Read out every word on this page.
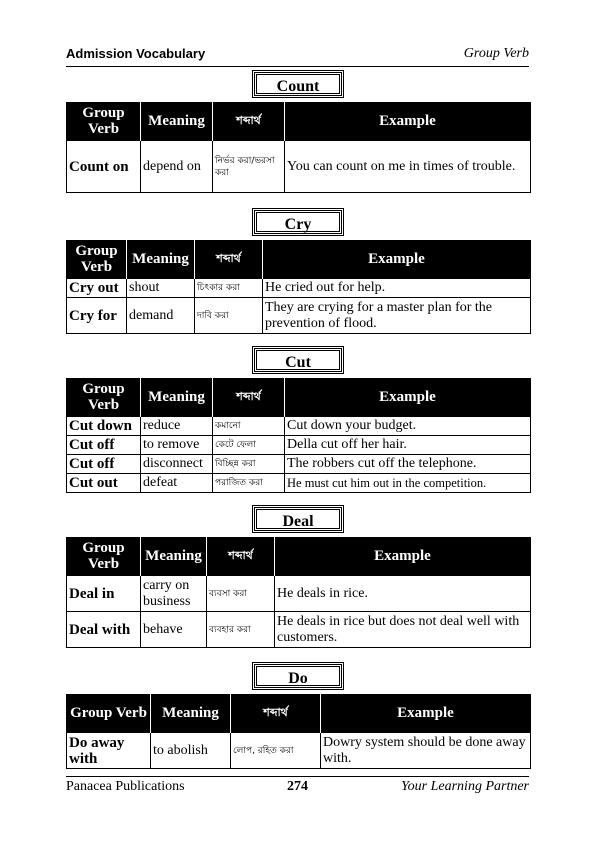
Admission Vocabulary	Group Verb
Count
Group Verb	Meaning	শব্দার্থ	Example
Count on	depend on	নির্ভর করা/ভরসা করা	You can count on me in times of trouble.
Cry
Group Verb	Meaning	শব্দার্থ	Example
Cry out	shout	চিৎকার করা	He cried out for help.
Cry for	demand	দাবি করা	They are crying for a master plan for the prevention of flood.
Cut
Group Verb	Meaning	শব্দার্থ	Example
Cut down	reduce	কমানো	Cut down your budget.
Cut off	to remove	কেটে ফেলা	Della cut off her hair.
Cut off	disconnect	বিচ্ছিন্ন করা	The robbers cut off the telephone.
Cut out	defeat	পরাজিত করা	He must cut him out in the competition.
Deal
Group Verb	Meaning	শব্দার্থ	Example
Deal in	carry on business	ব্যবসা করা	He deals in rice.
Deal with	behave	ব্যবহার করা	He deals in rice but does not deal well with customers.
Do
Group Verb	Meaning	শব্দার্থ	Example
Do away with	to abolish	লোপ, রহিত করা	Dowry system should be done away with.
Panacea Publications	274	Your Learning Partner
